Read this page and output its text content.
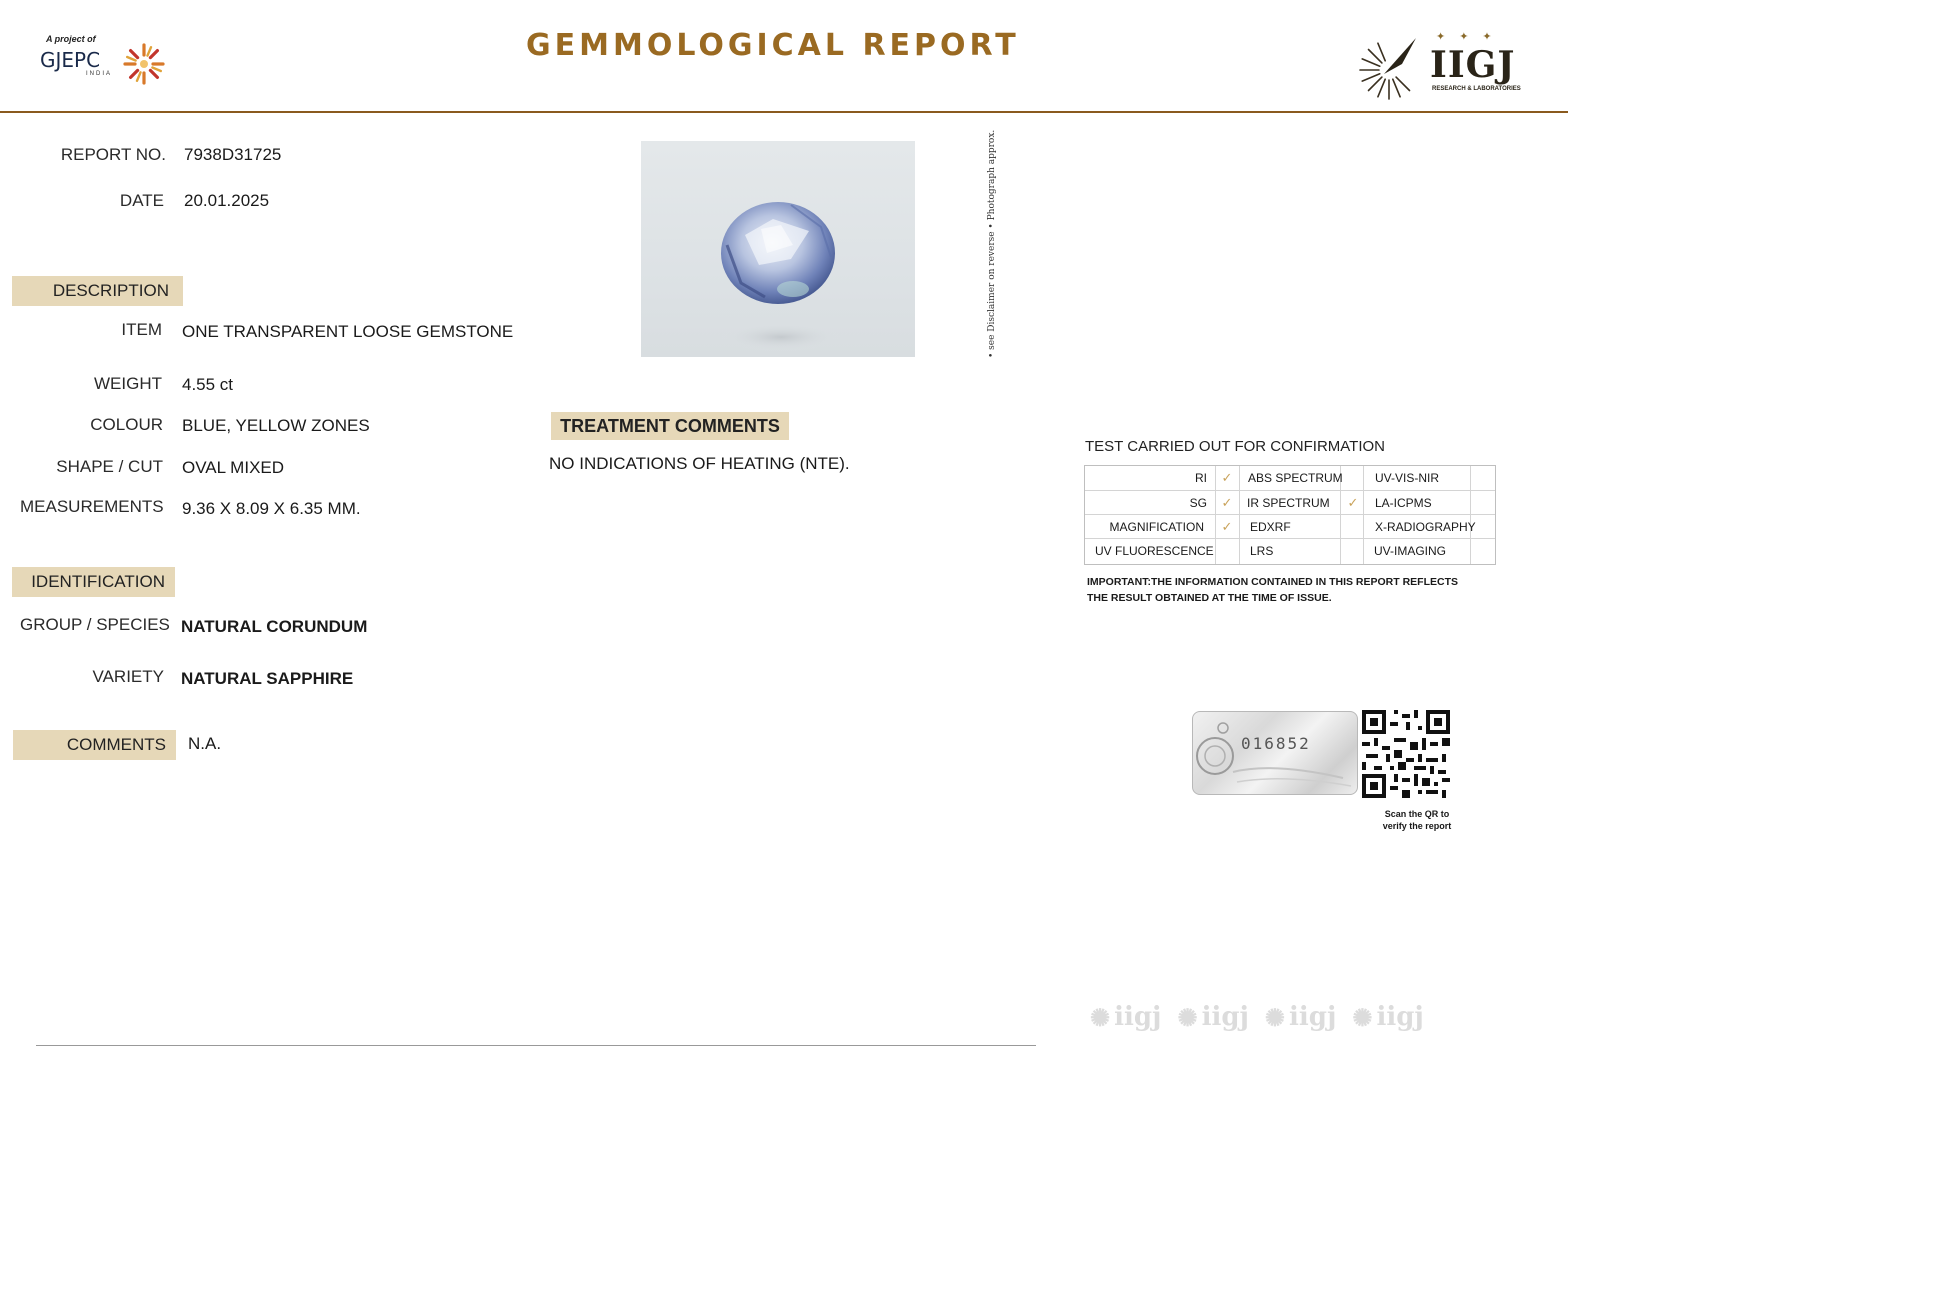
A project of
GJEPC
INDIA
GEMMOLOGICAL REPORT	IIGJ
✦✦✦
RESEARCH & LABORATORIES
REPORT NO. 7938D31725
DATE 20.01.2025
DESCRIPTION
ITEM ONE TRANSPARENT LOOSE GEMSTONE
WEIGHT 4.55 ct
COLOUR BLUE, YELLOW ZONES
SHAPE / CUT OVAL MIXED
MEASUREMENTS 9.36 X 8.09 X 6.35 MM.
IDENTIFICATION
GROUP / SPECIES NATURAL CORUNDUM
VARIETY NATURAL SAPPHIRE
COMMENTS	N.A.
• see Disclaimer on reverse • Photograph approx.
TREATMENT COMMENTS
NO INDICATIONS OF HEATING (NTE).
TEST CARRIED OUT FOR CONFIRMATION
RI ✓ ABS SPECTRUM	UV-VIS-NIR
SG ✓ IR SPECTRUM ✓ LA-ICPMS
MAGNIFICATION ✓ EDXRF	X-RADIOGRAPHY
UV FLUORESCENCE	LRS	UV-IMAGING
IMPORTANT:THE INFORMATION CONTAINED IN THIS REPORT REFLECTS THE RESULT OBTAINED AT THE TIME OF ISSUE.
016852
Scan the QR to
verify the report
✺ iigj ✺ iigj ✺ iigj ✺ iigj
